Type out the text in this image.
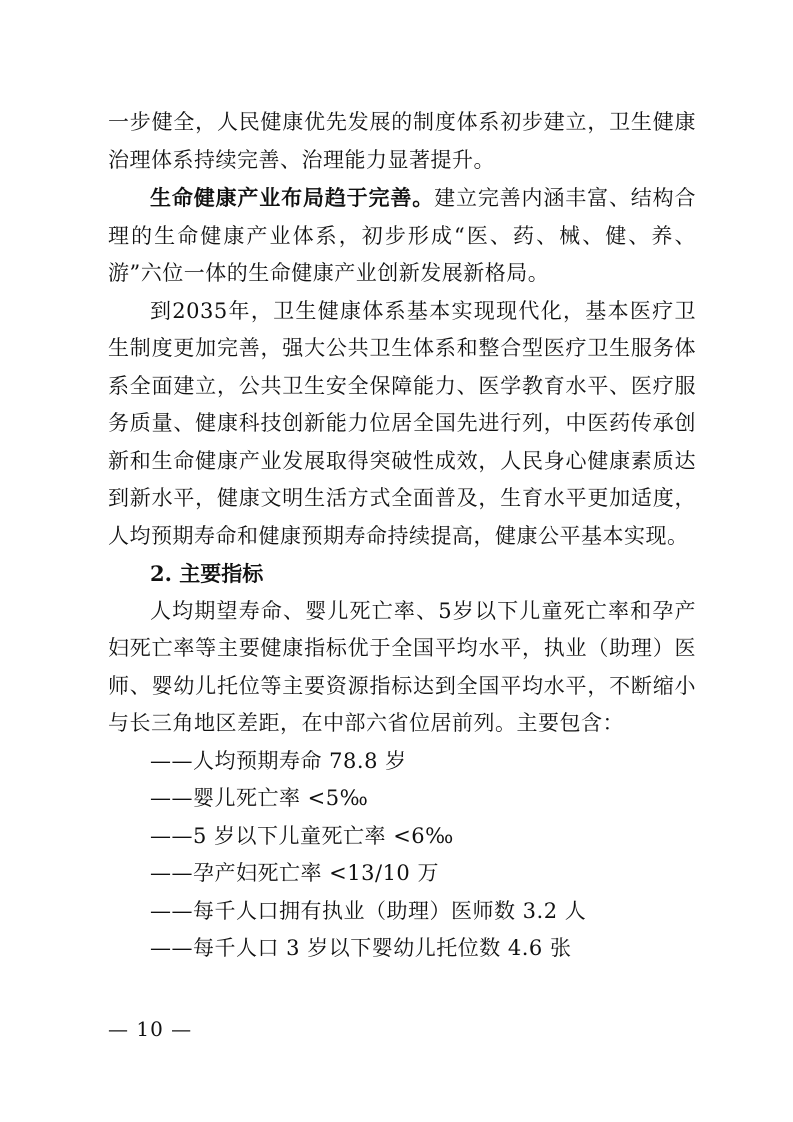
一步健全，人民健康优先发展的制度体系初步建立，卫生健康治理体系持续完善、治理能力显著提升。

生命健康产业布局趋于完善。建立完善内涵丰富、结构合理的生命健康产业体系，初步形成“医、药、械、健、养、游”六位一体的生命健康产业创新发展新格局。

到2035年，卫生健康体系基本实现现代化，基本医疗卫生制度更加完善，强大公共卫生体系和整合型医疗卫生服务体系全面建立，公共卫生安全保障能力、医学教育水平、医疗服务质量、健康科技创新能力位居全国先进行列，中医药传承创新和生命健康产业发展取得突破性成效，人民身心健康素质达到新水平，健康文明生活方式全面普及，生育水平更加适度，人均预期寿命和健康预期寿命持续提高，健康公平基本实现。

2. 主要指标

人均期望寿命、婴儿死亡率、5岁以下儿童死亡率和孕产妇死亡率等主要健康指标优于全国平均水平，执业（助理）医师、婴幼儿托位等主要资源指标达到全国平均水平，不断缩小与长三角地区差距，在中部六省位居前列。主要包含：

——人均预期寿命 78.8 岁
——婴儿死亡率 <5‰
——5 岁以下儿童死亡率 <6‰
——孕产妇死亡率 <13/10 万
——每千人口拥有执业（助理）医师数 3.2 人
——每千人口 3 岁以下婴幼儿托位数 4.6 张
— 10 —
